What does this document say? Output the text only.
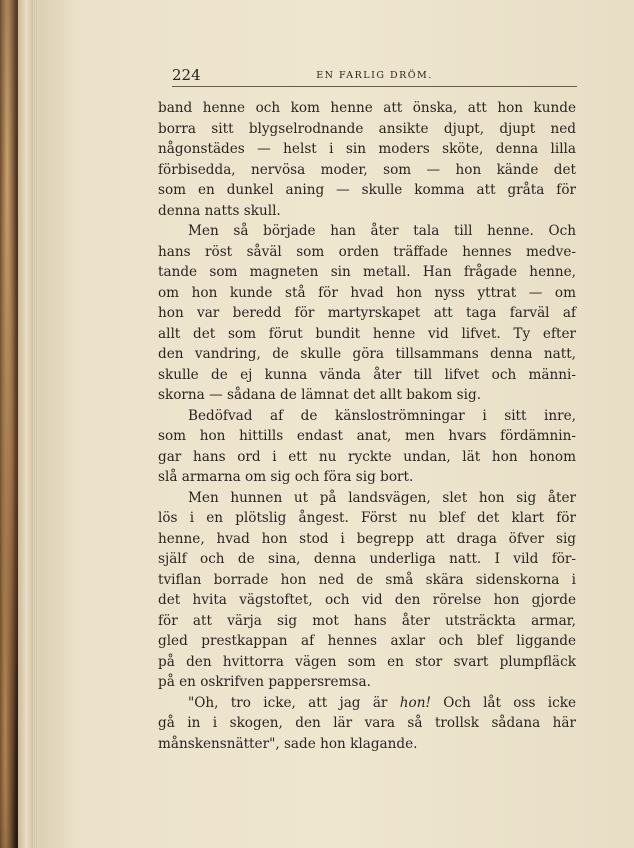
224	EN FARLIG DRÖM.
band henne och kom henne att önska, att hon kunde
borra sitt blygselrodnande ansikte djupt, djupt ned
någonstädes — helst i sin moders sköte, denna lilla
förbisedda, nervösa moder, som — hon kände det
som en dunkel aning — skulle komma att gråta för
denna natts skull.
Men så började han åter tala till henne. Och
hans röst såväl som orden träffade hennes medve-
tande som magneten sin metall. Han frågade henne,
om hon kunde stå för hvad hon nyss yttrat — om
hon var beredd för martyrskapet att taga farväl af
allt det som förut bundit henne vid lifvet. Ty efter
den vandring, de skulle göra tillsammans denna natt,
skulle de ej kunna vända åter till lifvet och männi-
skorna — sådana de lämnat det allt bakom sig.
Bedöfvad af de känsloströmningar i sitt inre,
som hon hittills endast anat, men hvars fördämnin-
gar hans ord i ett nu ryckte undan, lät hon honom
slå armarna om sig och föra sig bort.
Men hunnen ut på landsvägen, slet hon sig åter
lös i en plötslig ångest. Först nu blef det klart för
henne, hvad hon stod i begrepp att draga öfver sig
själf och de sina, denna underliga natt. I vild för-
tviflan borrade hon ned de små skära sidenskorna i
det hvita vägstoftet, och vid den rörelse hon gjorde
för att värja sig mot hans åter utsträckta armar,
gled prestkappan af hennes axlar och blef liggande
på den hvittorra vägen som en stor svart plumpfläck
på en oskrifven pappersremsa.
"Oh, tro icke, att jag är hon! Och låt oss icke
gå in i skogen, den lär vara så trollsk sådana här
månskensnätter", sade hon klagande.
